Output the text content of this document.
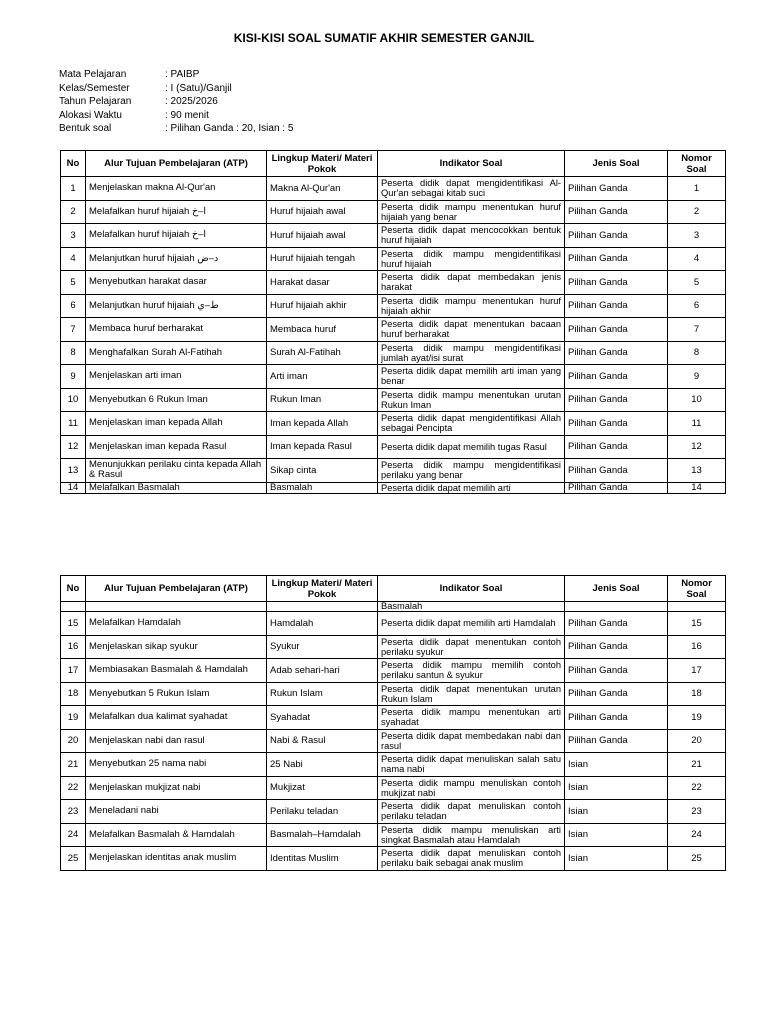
KISI-KISI SOAL SUMATIF AKHIR SEMESTER GANJIL
Mata Pelajaran	: PAIBP
Kelas/Semester	: I (Satu)/Ganjil
Tahun Pelajaran	: 2025/2026
Alokasi Waktu	: 90 menit
Bentuk soal	: Pilihan Ganda : 20, Isian : 5
No	Alur Tujuan Pembelajaran (ATP)	Lingkup Materi/ Materi Pokok	Indikator Soal	Jenis Soal	Nomor Soal
1	Menjelaskan makna Al-Qur'an	Makna Al-Qur'an	Peserta didik dapat mengidentifikasi Al-Qur'an sebagai kitab suci	Pilihan Ganda	1
2	Melafalkan huruf hijaiah ا–خ	Huruf hijaiah awal	Peserta didik mampu menentukan huruf hijaiah yang benar	Pilihan Ganda	2
3	Melafalkan huruf hijaiah ا–خ	Huruf hijaiah awal	Peserta didik dapat mencocokkan bentuk huruf hijaiah	Pilihan Ganda	3
4	Melanjutkan huruf hijaiah د–ض	Huruf hijaiah tengah	Peserta didik mampu mengidentifikasi huruf hijaiah	Pilihan Ganda	4
5	Menyebutkan harakat dasar	Harakat dasar	Peserta didik dapat membedakan jenis harakat	Pilihan Ganda	5
6	Melanjutkan huruf hijaiah ط–ي	Huruf hijaiah akhir	Peserta didik mampu menentukan huruf hijaiah akhir	Pilihan Ganda	6
7	Membaca huruf berharakat	Membaca huruf	Peserta didik dapat menentukan bacaan huruf berharakat	Pilihan Ganda	7
8	Menghafalkan Surah Al-Fatihah	Surah Al-Fatihah	Peserta didik mampu mengidentifikasi jumlah ayat/isi surat	Pilihan Ganda	8
9	Menjelaskan arti iman	Arti iman	Peserta didik dapat memilih arti iman yang benar	Pilihan Ganda	9
10	Menyebutkan 6 Rukun Iman	Rukun Iman	Peserta didik mampu menentukan urutan Rukun Iman	Pilihan Ganda	10
11	Menjelaskan iman kepada Allah	Iman kepada Allah	Peserta didik dapat mengidentifikasi Allah sebagai Pencipta	Pilihan Ganda	11
12	Menjelaskan iman kepada Rasul	Iman kepada Rasul	Peserta didik dapat memilih tugas Rasul	Pilihan Ganda	12
13	Menunjukkan perilaku cinta kepada Allah & Rasul	Sikap cinta	Peserta didik mampu mengidentifikasi perilaku yang benar	Pilihan Ganda	13
14	Melafalkan Basmalah	Basmalah	Peserta didik dapat memilih arti	Pilihan Ganda	14
No	Alur Tujuan Pembelajaran (ATP)	Lingkup Materi/ Materi Pokok	Indikator Soal	Jenis Soal	Nomor Soal
			Basmalah		
15	Melafalkan Hamdalah	Hamdalah	Peserta didik dapat memilih arti Hamdalah	Pilihan Ganda	15
16	Menjelaskan sikap syukur	Syukur	Peserta didik dapat menentukan contoh perilaku syukur	Pilihan Ganda	16
17	Membiasakan Basmalah & Hamdalah	Adab sehari-hari	Peserta didik mampu memilih contoh perilaku santun & syukur	Pilihan Ganda	17
18	Menyebutkan 5 Rukun Islam	Rukun Islam	Peserta didik dapat menentukan urutan Rukun Islam	Pilihan Ganda	18
19	Melafalkan dua kalimat syahadat	Syahadat	Peserta didik mampu menentukan arti syahadat	Pilihan Ganda	19
20	Menjelaskan nabi dan rasul	Nabi & Rasul	Peserta didik dapat membedakan nabi dan rasul	Pilihan Ganda	20
21	Menyebutkan 25 nama nabi	25 Nabi	Peserta didik dapat menuliskan salah satu nama nabi	Isian	21
22	Menjelaskan mukjizat nabi	Mukjizat	Peserta didik mampu menuliskan contoh mukjizat nabi	Isian	22
23	Meneladani nabi	Perilaku teladan	Peserta didik dapat menuliskan contoh perilaku teladan	Isian	23
24	Melafalkan Basmalah & Hamdalah	Basmalah–Hamdalah	Peserta didik mampu menuliskan arti singkat Basmalah atau Hamdalah	Isian	24
25	Menjelaskan identitas anak muslim	Identitas Muslim	Peserta didik dapat menuliskan contoh perilaku baik sebagai anak muslim	Isian	25
